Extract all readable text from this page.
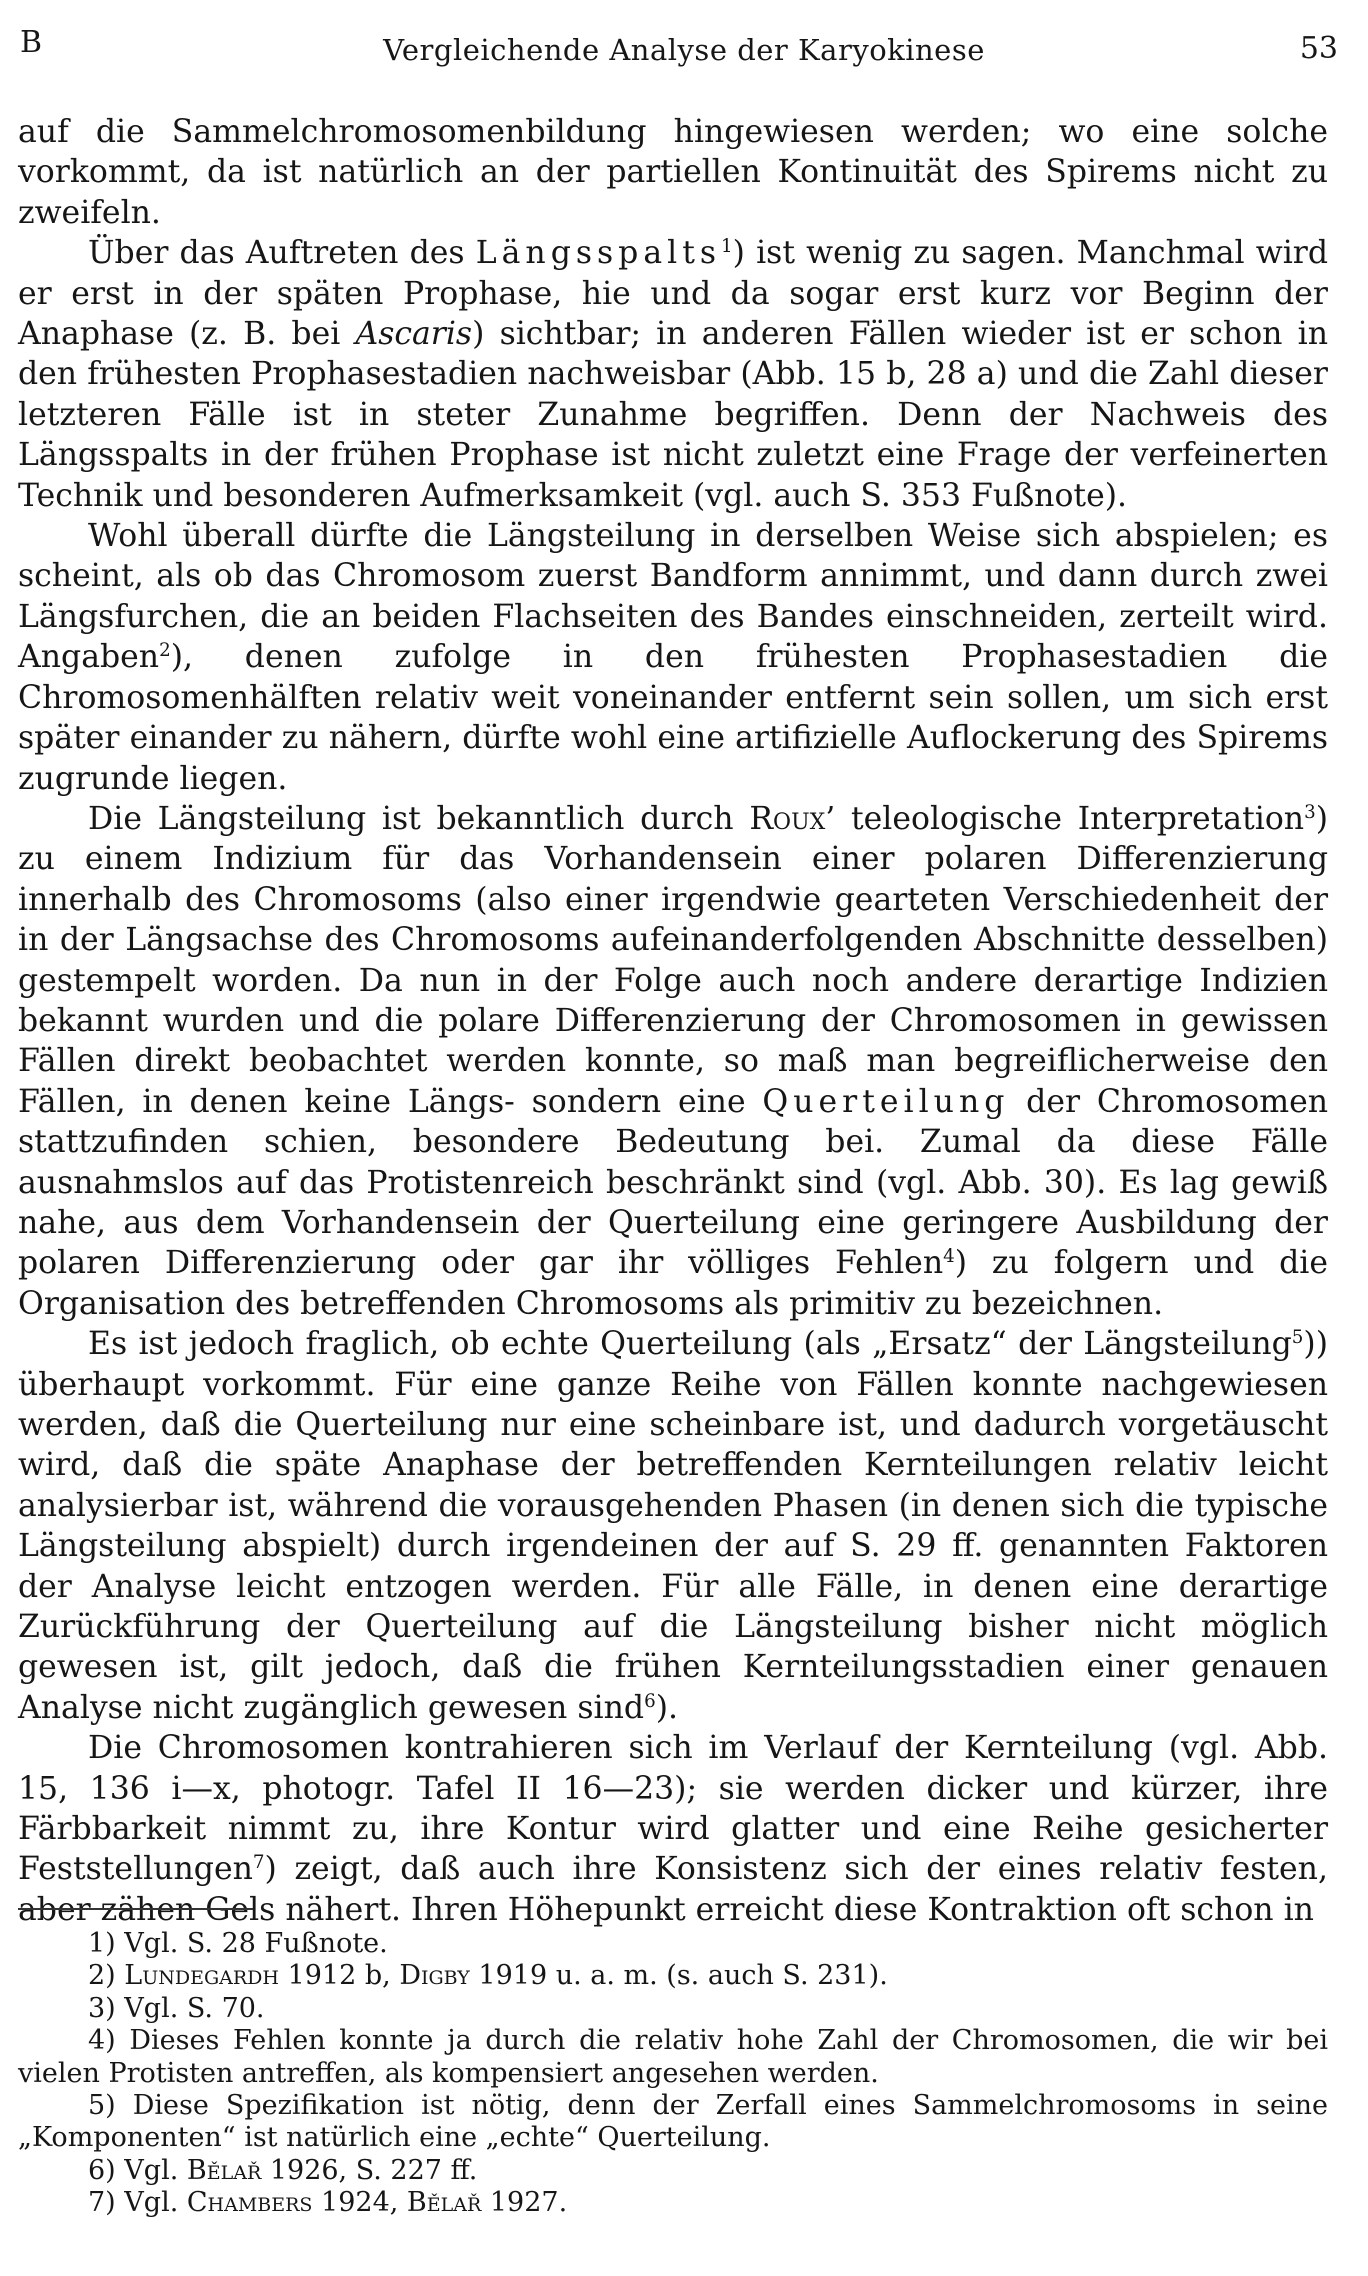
B	Vergleichende Analyse der Karyokinese	53

auf die Sammelchromosomenbildung hingewiesen werden; wo eine solche vorkommt, da ist natürlich an der partiellen Kontinuität des Spirems nicht zu zweifeln.

Über das Auftreten des Längsspalts$^1$) ist wenig zu sagen. Manchmal wird er erst in der späten Prophase, hie und da sogar erst kurz vor Beginn der Anaphase (z. B. bei Ascaris) sichtbar; in anderen Fällen wieder ist er schon in den frühesten Prophasestadien nachweisbar (Abb. 15 b, 28 a) und die Zahl dieser letzteren Fälle ist in steter Zunahme begriffen. Denn der Nachweis des Längsspalts in der frühen Prophase ist nicht zuletzt eine Frage der verfeinerten Technik und besonderen Aufmerksamkeit (vgl. auch S. 353 Fußnote).

Wohl überall dürfte die Längsteilung in derselben Weise sich abspielen; es scheint, als ob das Chromosom zuerst Bandform annimmt, und dann durch zwei Längsfurchen, die an beiden Flachseiten des Bandes einschneiden, zerteilt wird. Angaben$^2$), denen zufolge in den frühesten Prophasestadien die Chromosomenhälften relativ weit voneinander entfernt sein sollen, um sich erst später einander zu nähern, dürfte wohl eine artifizielle Auflockerung des Spirems zugrunde liegen.

Die Längsteilung ist bekanntlich durch Roux’ teleologische Interpretation$^3$) zu einem Indizium für das Vorhandensein einer polaren Differenzierung innerhalb des Chromosoms (also einer irgendwie gearteten Verschiedenheit der in der Längsachse des Chromosoms aufeinanderfolgenden Abschnitte desselben) gestempelt worden. Da nun in der Folge auch noch andere derartige Indizien bekannt wurden und die polare Differenzierung der Chromosomen in gewissen Fällen direkt beobachtet werden konnte, so maß man begreiflicherweise den Fällen, in denen keine Längs- sondern eine Querteilung der Chromosomen stattzufinden schien, besondere Bedeutung bei. Zumal da diese Fälle ausnahmslos auf das Protistenreich beschränkt sind (vgl. Abb. 30). Es lag gewiß nahe, aus dem Vorhandensein der Querteilung eine geringere Ausbildung der polaren Differenzierung oder gar ihr völliges Fehlen$^4$) zu folgern und die Organisation des betreffenden Chromosoms als primitiv zu bezeichnen.

Es ist jedoch fraglich, ob echte Querteilung (als „Ersatz“ der Längsteilung$^5$)) überhaupt vorkommt. Für eine ganze Reihe von Fällen konnte nachgewiesen werden, daß die Querteilung nur eine scheinbare ist, und dadurch vorgetäuscht wird, daß die späte Anaphase der betreffenden Kernteilungen relativ leicht analysierbar ist, während die vorausgehenden Phasen (in denen sich die typische Längsteilung abspielt) durch irgendeinen der auf S. 29 ff. genannten Faktoren der Analyse leicht entzogen werden. Für alle Fälle, in denen eine derartige Zurückführung der Querteilung auf die Längsteilung bisher nicht möglich gewesen ist, gilt jedoch, daß die frühen Kernteilungsstadien einer genauen Analyse nicht zugänglich gewesen sind$^6$).

Die Chromosomen kontrahieren sich im Verlauf der Kernteilung (vgl. Abb. 15, 136 i—x, photogr. Tafel II 16—23); sie werden dicker und kürzer, ihre Färbbarkeit nimmt zu, ihre Kontur wird glatter und eine Reihe gesicherter Feststellungen$^7$) zeigt, daß auch ihre Konsistenz sich der eines relativ festen, aber zähen Gels nähert. Ihren Höhepunkt erreicht diese Kontraktion oft schon in

1) Vgl. S. 28 Fußnote.

2) Lundegardh 1912 b, Digby 1919 u. a. m. (s. auch S. 231).

3) Vgl. S. 70.

4) Dieses Fehlen konnte ja durch die relativ hohe Zahl der Chromosomen, die wir bei vielen Protisten antreffen, als kompensiert angesehen werden.

5) Diese Spezifikation ist nötig, denn der Zerfall eines Sammelchromosoms in seine „Komponenten“ ist natürlich eine „echte“ Querteilung.

6) Vgl. Bělař 1926, S. 227 ff.

7) Vgl. Chambers 1924, Bělař 1927.
